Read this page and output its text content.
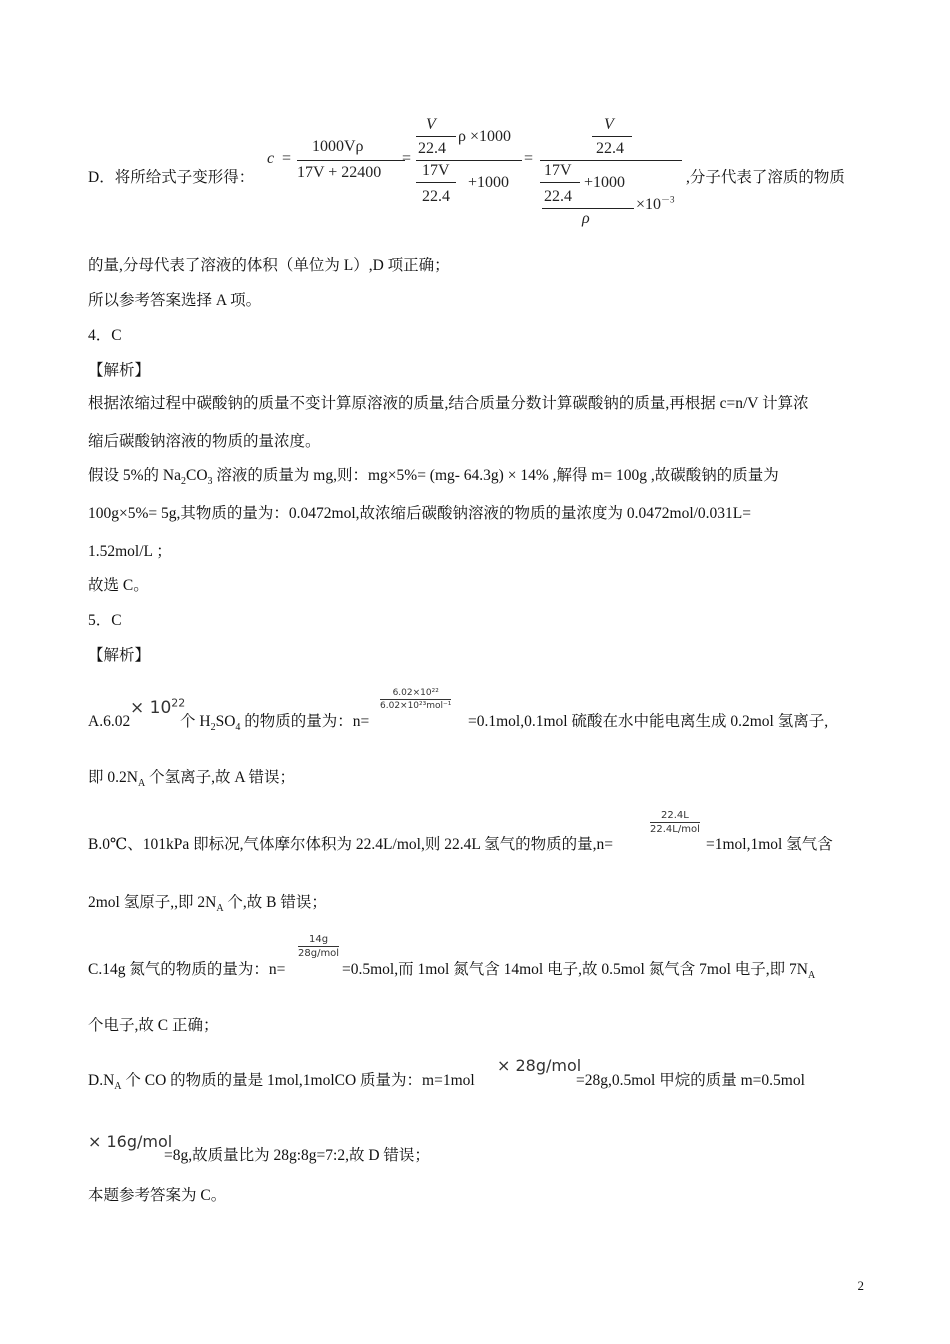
D．将所给式子变形得：
c =
1000Vρ
17V + 22400
=
V
22.4
ρ ×1000
17V
22.4
+1000
=
V
22.4
17V
22.4
+1000
ρ
$\times 10^{-3}$
,分子代表了溶质的物质
的量,分母代表了溶液的体积（单位为 L）,D 项正确；
所以参考答案选择 A 项。
4．C
【解析】
根据浓缩过程中碳酸钠的质量不变计算原溶液的质量,结合质量分数计算碳酸钠的质量,再根据 c=n/V 计算浓
缩后碳酸钠溶液的物质的量浓度。
假设 5%的 $Na_2CO_3$ 溶液的质量为 mg,则：mg×5%= (mg- 64.3g) × 14% ,解得 m= 100g ,故碳酸钠的质量为
100g×5%= 5g,其物质的量为：0.0472mol,故浓缩后碳酸钠溶液的物质的量浓度为 0.0472mol/0.031L=
1.52mol/L ；
故选 C。
5．C
【解析】
A.6.02
× $10^{22}$
个 $H_2SO_4$ 的物质的量为：n=
6.02×10²²
6.02×10²³mol⁻¹
=0.1mol,0.1mol 硫酸在水中能电离生成 0.2mol 氢离子,
即 $0.2N_A$ 个氢离子,故 A 错误；
B.0℃、101kPa 即标况,气体摩尔体积为 22.4L/mol,则 22.4L 氢气的物质的量,n=
22.4L
22.4L/mol
=1mol,1mol 氢气含
2mol 氢原子,,即 $2N_A$ 个,故 B 错误；
C.14g 氮气的物质的量为：n=
14g
28g/mol
=0.5mol,而 1mol 氮气含 14mol 电子,故 0.5mol 氮气含 7mol 电子,即 $7N_A$
个电子,故 C 正确；
$D.N_A$ 个 CO 的物质的量是 1mol,1molCO 质量为：m=1mol
× 28g/mol
=28g,0.5mol 甲烷的质量 m=0.5mol
× 16g/mol
=8g,故质量比为 28g:8g=7:2,故 D 错误；
本题参考答案为 C。
2
